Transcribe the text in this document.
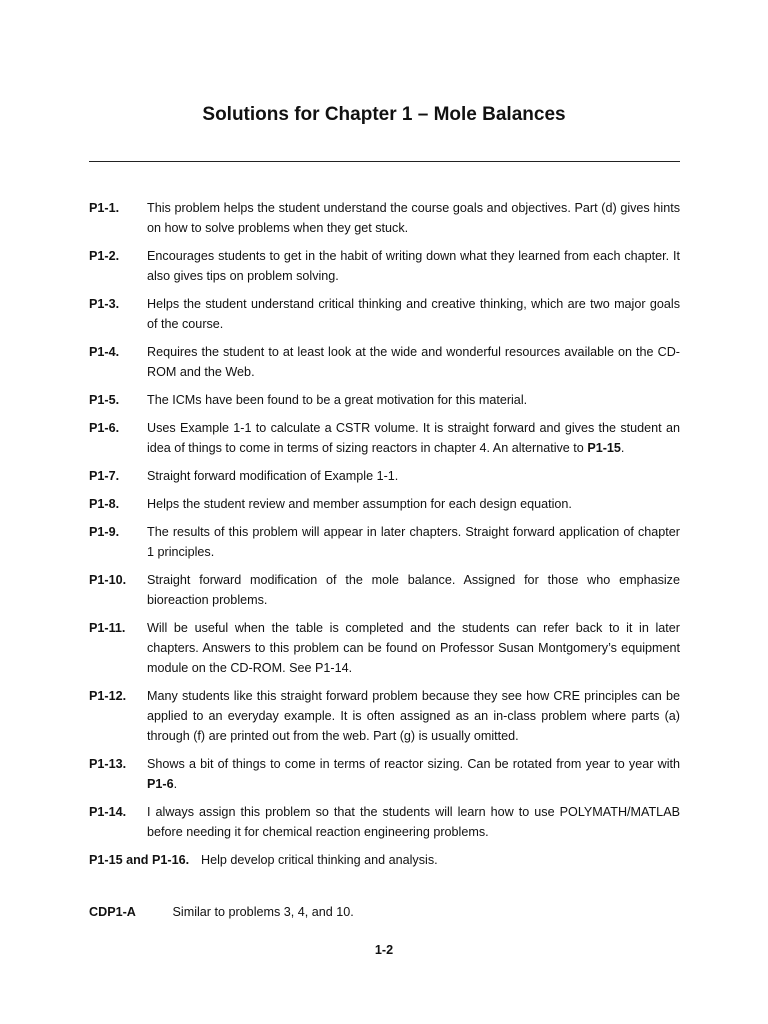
Solutions for Chapter 1 – Mole Balances
P1-1.	This problem helps the student understand the course goals and objectives. Part (d) gives hints on how to solve problems when they get stuck.
P1-2.	Encourages students to get in the habit of writing down what they learned from each chapter. It also gives tips on problem solving.
P1-3.	Helps the student understand critical thinking and creative thinking, which are two major goals of the course.
P1-4.	Requires the student to at least look at the wide and wonderful resources available on the CD-ROM and the Web.
P1-5.	The ICMs have been found to be a great motivation for this material.
P1-6.	Uses Example 1-1 to calculate a CSTR volume. It is straight forward and gives the student an idea of things to come in terms of sizing reactors in chapter 4. An alternative to P1-15.
P1-7.	Straight forward modification of Example 1-1.
P1-8.	Helps the student review and member assumption for each design equation.
P1-9.	The results of this problem will appear in later chapters. Straight forward application of chapter 1 principles.
P1-10.	Straight forward modification of the mole balance. Assigned for those who emphasize bioreaction problems.
P1-11.	Will be useful when the table is completed and the students can refer back to it in later chapters. Answers to this problem can be found on Professor Susan Montgomery’s equipment module on the CD-ROM. See P1-14.
P1-12.	Many students like this straight forward problem because they see how CRE principles can be applied to an everyday example. It is often assigned as an in-class problem where parts (a) through (f) are printed out from the web. Part (g) is usually omitted.
P1-13.	Shows a bit of things to come in terms of reactor sizing. Can be rotated from year to year with P1-6.
P1-14.	I always assign this problem so that the students will learn how to use POLYMATH/MATLAB before needing it for chemical reaction engineering problems.
P1-15 and P1-16. Help develop critical thinking and analysis.
CDP1-A	Similar to problems 3, 4, and 10.
1-2
